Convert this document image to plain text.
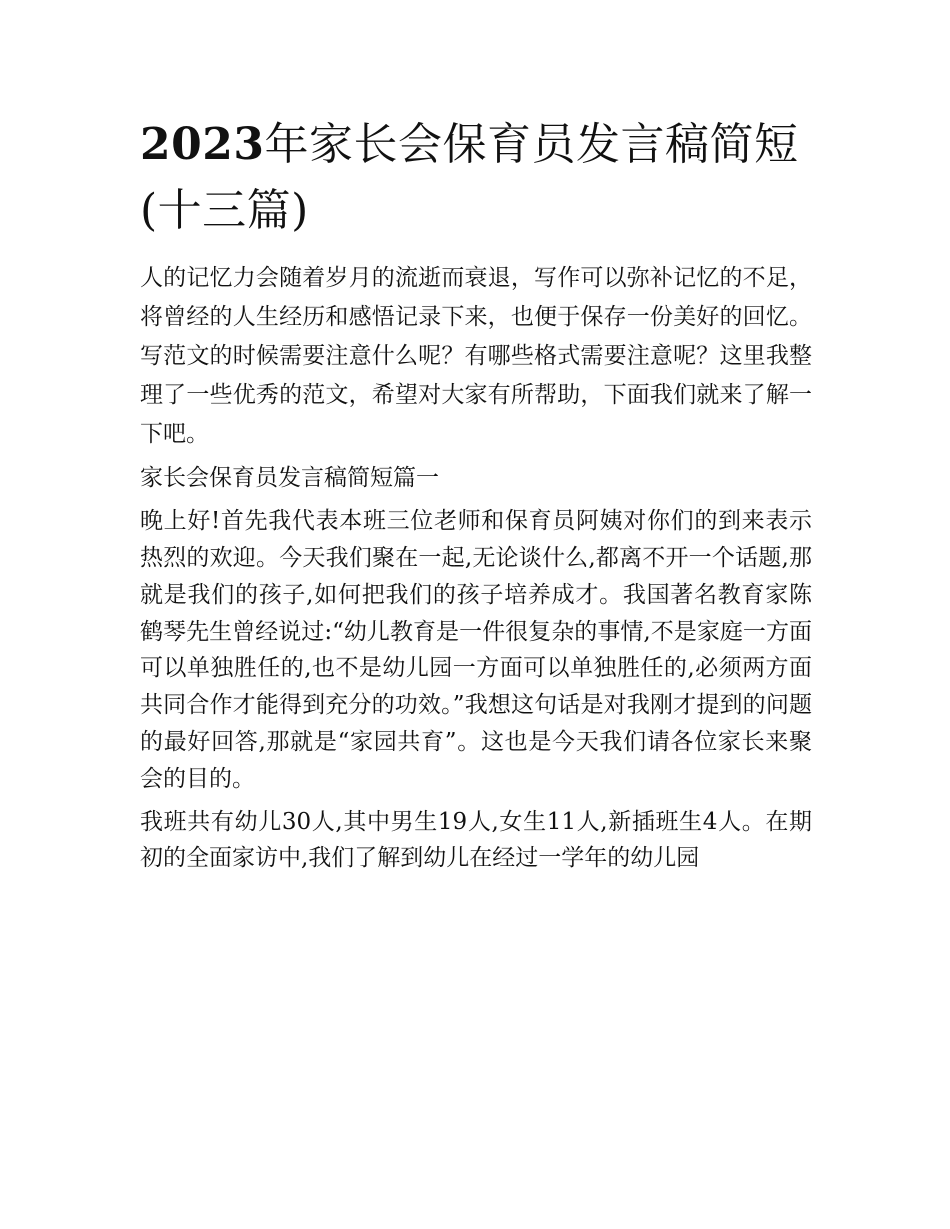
2023年家长会保育员发言稿简短(十三篇)

人的记忆力会随着岁月的流逝而衰退，写作可以弥补记忆的不足，将曾经的人生经历和感悟记录下来，也便于保存一份美好的回忆。写范文的时候需要注意什么呢？有哪些格式需要注意呢？这里我整理了一些优秀的范文，希望对大家有所帮助，下面我们就来了解一下吧。

家长会保育员发言稿简短篇一

晚上好!首先我代表本班三位老师和保育员阿姨对你们的到来表示热烈的欢迎。今天我们聚在一起,无论谈什么,都离不开一个话题,那就是我们的孩子,如何把我们的孩子培养成才。我国著名教育家陈鹤琴先生曾经说过:“幼儿教育是一件很复杂的事情,不是家庭一方面可以单独胜任的,也不是幼儿园一方面可以单独胜任的,必须两方面共同合作才能得到充分的功效。”我想这句话是对我刚才提到的问题的最好回答,那就是“家园共育”。这也是今天我们请各位家长来聚会的目的。

我班共有幼儿30人,其中男生19人,女生11人,新插班生4人。在期初的全面家访中,我们了解到幼儿在经过一学年的幼儿园
